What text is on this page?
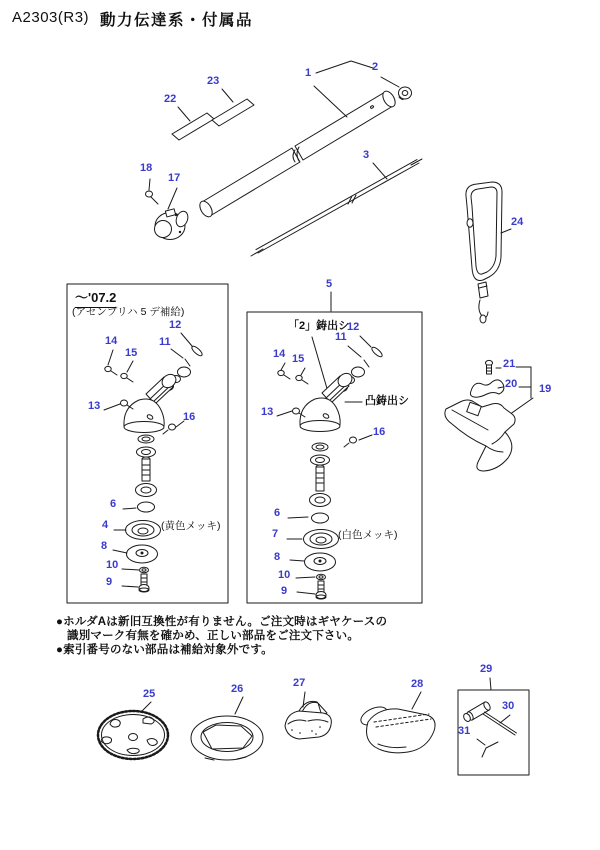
A2303(R3) 動力伝達系・付属品
～'07.2
(アセンブリハ 5 デ補給)
(黄色メッキ)
「2」鋳出シ
凸鋳出シ
(白色メッキ)
●ホルダAは新旧互換性が有りません。ご注文時はギヤケースの
識別マーク有無を確かめ、正しい部品をご注文下さい。
●索引番号のない部品は補給対象外です。
1	2
3
5
17
18
22
23
24
12
11
14
15
13
16
6
4
8
10
9
12
11
14 15
13
16
6
7
8
10
9
21
20 19
25	26	27	28
29
30
31
